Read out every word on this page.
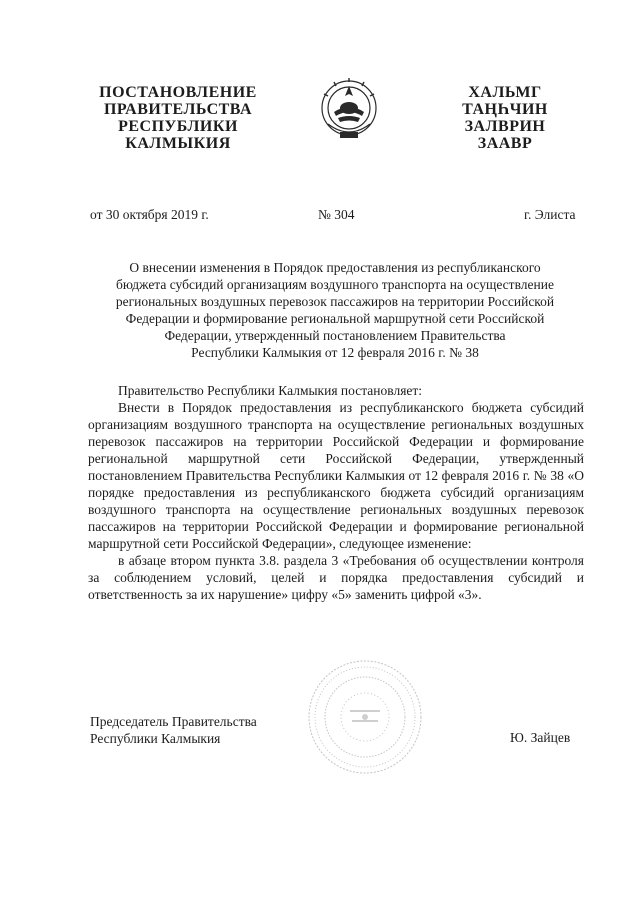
ПОСТАНОВЛЕНИЕ
ПРАВИТЕЛЬСТВА
РЕСПУБЛИКИ
КАЛМЫКИЯ
ХАЛЬМГ
ТАҢҺЧИН
ЗАЛВРИН
ЗААВР
от 30 октября 2019 г.	№ 304	г. Элиста
О внесении изменения в Порядок предоставления из республиканского
бюджета субсидий организациям воздушного транспорта на осуществление
региональных воздушных перевозок пассажиров на территории Российской
Федерации и формирование региональной маршрутной сети Российской
Федерации, утвержденный постановлением Правительства
Республики Калмыкия от 12 февраля 2016 г. № 38

Правительство Республики Калмыкия постановляет:

Внести в Порядок предоставления из республиканского бюджета субсидий организациям воздушного транспорта на осуществление региональных воздушных перевозок пассажиров на территории Российской Федерации и формирование региональной маршрутной сети Российской Федерации, утвержденный постановлением Правительства Республики Калмыкия от 12 февраля 2016 г. № 38 «О порядке предоставления из республиканского бюджета субсидий организациям воздушного транспорта на осуществление региональных воздушных перевозок пассажиров на территории Российской Федерации и формирование региональной маршрутной сети Российской Федерации», следующее изменение:

в абзаце втором пункта 3.8. раздела 3 «Требования об осуществлении контроля за соблюдением условий, целей и порядка предоставления субсидий и ответственность за их нарушение» цифру «5» заменить цифрой «3».

Председатель Правительства
Республики Калмыкия	Ю. Зайцев
